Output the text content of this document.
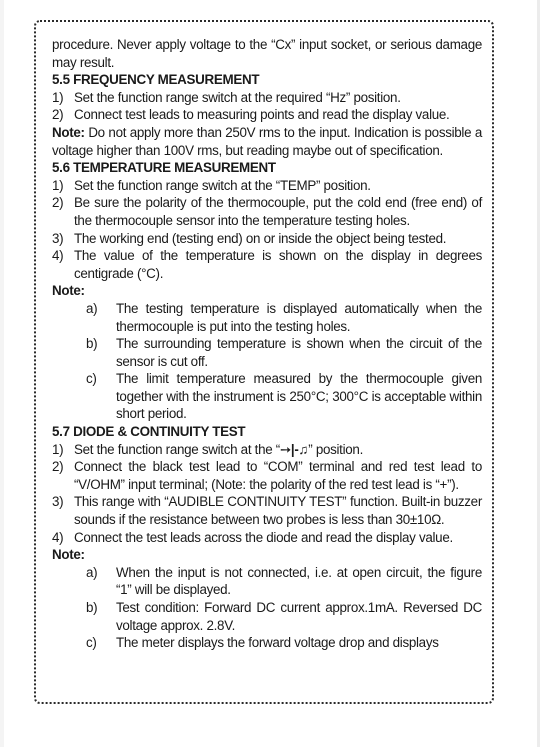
procedure. Never apply voltage to the “Cx” input socket, or serious damage may result.

5.5 FREQUENCY MEASUREMENT

1) Set the function range switch at the required “Hz” position.
2) Connect test leads to measuring points and read the display value.

Note: Do not apply more than 250V rms to the input. Indication is possible a voltage higher than 100V rms, but reading maybe out of specification.

5.6 TEMPERATURE MEASUREMENT

1) Set the function range switch at the “TEMP” position.
2) Be sure the polarity of the thermocouple, put the cold end (free end) of the thermocouple sensor into the temperature testing holes.
3) The working end (testing end) on or inside the object being tested.
4) The value of the temperature is shown on the display in degrees centigrade (°C).

Note:

a)	The testing temperature is displayed automatically when the thermocouple is put into the testing holes.
b)	The surrounding temperature is shown when the circuit of the sensor is cut off.
c)	The limit temperature measured by the thermocouple given together with the instrument is 250°C; 300°C is acceptable within short period.

5.7 DIODE & CONTINUITY TEST

1) Set the function range switch at the “➙|-♫” position.
2) Connect the black test lead to “COM” terminal and red test lead to “V/OHM” input terminal; (Note: the polarity of the red test lead is “+”).
3) This range with “AUDIBLE CONTINUITY TEST” function. Built-in buzzer sounds if the resistance between two probes is less than 30±10Ω.
4) Connect the test leads across the diode and read the display value.

Note:

a)	When the input is not connected, i.e. at open circuit, the figure “1” will be displayed.
b)	Test condition: Forward DC current approx.1mA. Reversed DC voltage approx. 2.8V.
c)	The meter displays the forward voltage drop and displays
